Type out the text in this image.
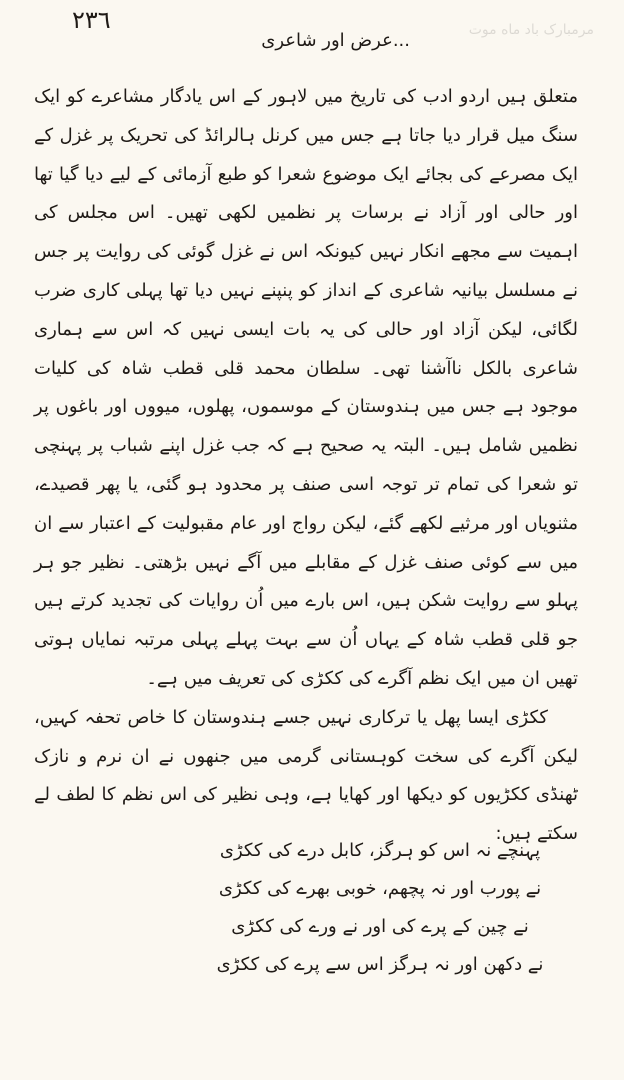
٢٣٦
...عرض اور شاعری	مرمبارک باد ماه موت

متعلق ہیں اردو ادب کی تاریخ میں لاہور کے اس یادگار مشاعرے کو ایک سنگ میل قرار دیا جاتا ہے جس میں کرنل ہالرائڈ کی تحریک پر غزل کے ایک مصرعے کی بجائے ایک موضوع شعرا کو طبع آزمائی کے لیے دیا گیا تھا اور حالی اور آزاد نے برسات پر نظمیں لکھی تھیں۔ اس مجلس کی اہمیت سے مجھے انکار نہیں کیونکہ اس نے غزل گوئی کی روایت پر جس نے مسلسل بیانیہ شاعری کے انداز کو پنپنے نہیں دیا تھا پہلی کاری ضرب لگائی، لیکن آزاد اور حالی کی یہ بات ایسی نہیں کہ اس سے ہماری شاعری بالکل ناآشنا تھی۔ سلطان محمد قلی قطب شاہ کی کلیات موجود ہے جس میں ہندوستان کے موسموں، پھلوں، میووں اور باغوں پر نظمیں شامل ہیں۔ البتہ یہ صحیح ہے کہ جب غزل اپنے شباب پر پہنچی تو شعرا کی تمام تر توجہ اسی صنف پر محدود ہو گئی، یا پھر قصیدے، مثنویاں اور مرثیے لکھے گئے، لیکن رواج اور عام مقبولیت کے اعتبار سے ان میں سے کوئی صنف غزل کے مقابلے میں آگے نہیں بڑھتی۔ نظیر جو ہر پہلو سے روایت شکن ہیں، اس بارے میں اُن روایات کی تجدید کرتے ہیں جو قلی قطب شاہ کے یہاں اُن سے بہت پہلے پہلی مرتبہ نمایاں ہوتی تھیں ان میں ایک نظم آگرے کی ککڑی کی تعریف میں ہے۔

ککڑی ایسا پھل یا ترکاری نہیں جسے ہندوستان کا خاص تحفہ کہیں، لیکن آگرے کی سخت کوہستانی گرمی میں جنھوں نے ان نرم و نازک ٹھنڈی ککڑیوں کو دیکھا اور کھایا ہے، وہی نظیر کی اس نظم کا لطف لے سکتے ہیں:

پہنچے نہ اس کو ہرگز، کابل درے کی ککڑی
نے پورب اور نہ پچھم، خوبی بھرے کی ککڑی
نے چین کے پرے کی اور نے ورے کی ککڑی
نے دکھن اور نہ ہرگز اس سے پرے کی ککڑی
